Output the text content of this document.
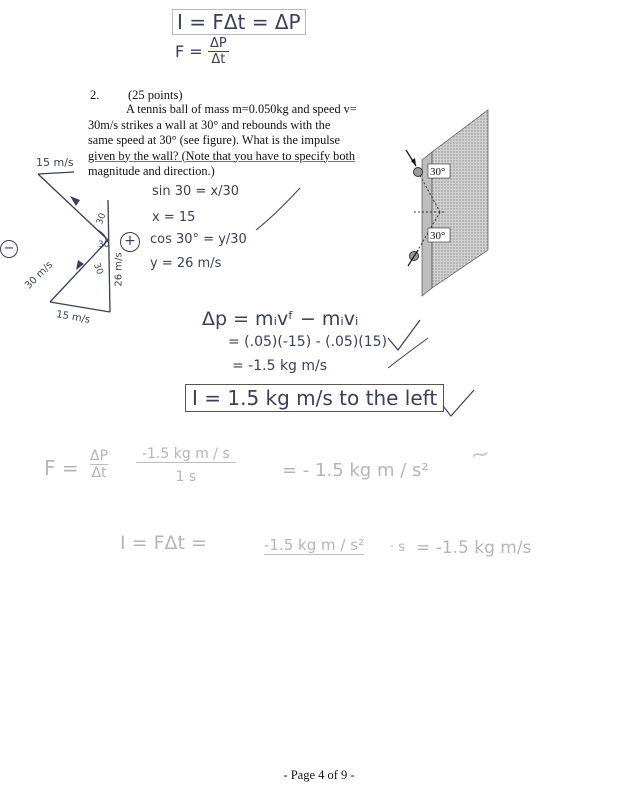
I = FΔt = ΔP
$F = \frac{\Delta P}{\Delta t}$
2. (25 points)
A tennis ball of mass m=0.050kg and speed v=
30m/s strikes a wall at 30° and rebounds with the
same speed at 30° (see figure). What is the impulse
given by the wall? (Note that you have to specify both
magnitude and direction.)	30°
30°
~
15 m/s
30
30
30
30 m/s	26 m/s
15 m/s
−	+
sin 30 = x/30
x = 15
cos 30° = y/30
y = 26 m/s
Δp = mᵢvᶠ − mᵢvᵢ
= (.05)(-15) - (.05)(15)
= -1.5 kg m/s
I = 1.5 kg m/s to the left
$F = \frac{\Delta P}{\Delta t} \frac{\text{-1.5 kg m / s}}{1 s}$	= - 1.5 kg m / s²
I = FΔt =	-1.5 kg m / s² · s = -1.5 kg m/s
- Page 4 of 9 -
